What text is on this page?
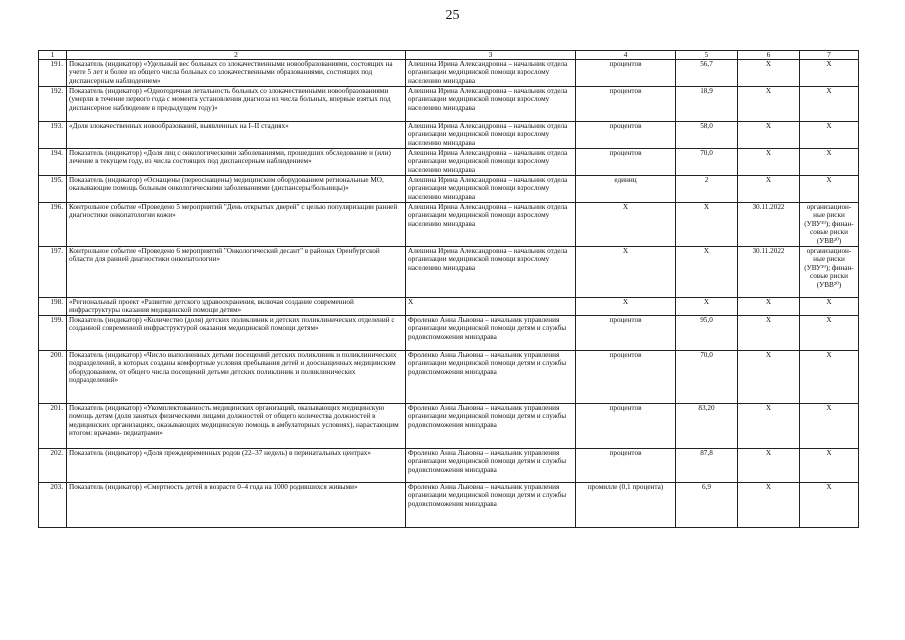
25
1	2	3	4	5	6	7
191.	Показатель (индикатор) «Удельный вес больных со злокачественными новообразованиями, состоящих на учете 5 лет и более из общего числа больных со злокачественными образованиями, состоящих под диспансерным наблюдением»	Алешина Ирина Александровна – начальник отдела организации медицинской помощи взрослому населению минздрава	процентов	56,7	Х	Х
192.	Показатель (индикатор) «Одногодичная летальность больных со злокачественными новообразованиями (умерли в течение первого года с момента установления диагноза из числа больных, впервые взятых под диспансерное наблюдение в предыдущем году)»	Алешина Ирина Александровна – начальник отдела организации медицинской помощи взрослому населению минздрава	процентов	18,9	Х	Х
193.	«Доля злокачественных новообразований, выявленных на I–II стадиях»	Алешина Ирина Александровна – начальник отдела организации медицинской помощи взрослому населению минздрава	процентов	58,0	Х	Х
194.	Показатель (индикатор) «Доля лиц с онкологическими заболеваниями, прошедших обследование и (или) лечение в текущем году, из числа состоящих под диспансерным наблюдением»	Алешина Ирина Александровна – начальник отдела организации медицинской помощи взрослому населению минздрава	процентов	70,0	Х	Х
195.	Показатель (индикатор) «Оснащены (переоснащены) медицинским оборудованием региональные МО, оказывающие помощь больным онкологическими заболеваниями (диспансеры/больницы)»	Алешина Ирина Александровна – начальник отдела организации медицинской помощи взрослому населению минздрава	единиц	2	Х	Х
196.	Контрольное событие «Проведено 5 мероприятий "День открытых дверей" с целью популяризации ранней диагностики онкопатологии кожи»	Алешина Ирина Александровна – начальник отдела организации медицинской помощи взрослому населению минздрава	Х	Х	30.11.2022	организацион-ные риски (УВУ¹⁹); финан-совые риски (УВВ²⁰)
197.	Контрольное событие «Проведено 6 мероприятий "Онкологический десант" в районах Оренбургской области для ранней диагностики онкопатологии»	Алешина Ирина Александровна – начальник отдела организации медицинской помощи взрослому населению минздрава	Х	Х	30.11.2022	организацион-ные риски (УВУ¹⁹); финан-совые риски (УВВ²⁰)
198.	«Региональный проект «Развитие детского здравоохранения, включая создание современной инфраструктуры оказания медицинской помощи детям»	Х	Х	Х	Х	Х
199.	Показатель (индикатор) «Количество (доля) детских поликлиник и детских поликлинических отделений с созданной современной инфраструктурой оказания медицинской помощи детям»	Фроленко Анна Львовна – начальник управления организации медицинской помощи детям и службы родовспоможения минздрава	процентов	95,0	Х	Х
200.	Показатель (индикатор) «Число выполненных детьми посещений детских поликлиник и поликлинических подразделений, в которых созданы комфортные условия пребывания детей и дооснащенных медицинским оборудованием, от общего числа посещений детьми детских поликлиник и поликлинических подразделений»	Фроленко Анна Львовна – начальник управления организации медицинской помощи детям и службы родовспоможения минздрава	процентов	70,0	Х	Х
201.	Показатель (индикатор) «Укомплектованность медицинских организаций, оказывающих медицинскую помощь детям (доля занятых физическими лицами должностей от общего количества должностей в медицинских организациях, оказывающих медицинскую помощь в амбулаторных условиях), нарастающим итогом: врачами- педиатрами»	Фроленко Анна Львовна – начальник управления организации медицинской помощи детям и службы родовспоможения минздрава	процентов	83,20	Х	Х
202.	Показатель (индикатор) «Доля преждевременных родов (22–37 недель) в перинатальных центрах»	Фроленко Анна Львовна – начальник управления организации медицинской помощи детям и службы родовспоможения минздрава	процентов	87,8	Х	Х
203.	Показатель (индикатор) «Смертность детей в возрасте 0–4 года на 1000 родившихся живыми»	Фроленко Анна Львовна – начальник управления организации медицинской помощи детям и службы родовспоможения минздрава	промилле (0,1 процента)	6,9	Х	Х
